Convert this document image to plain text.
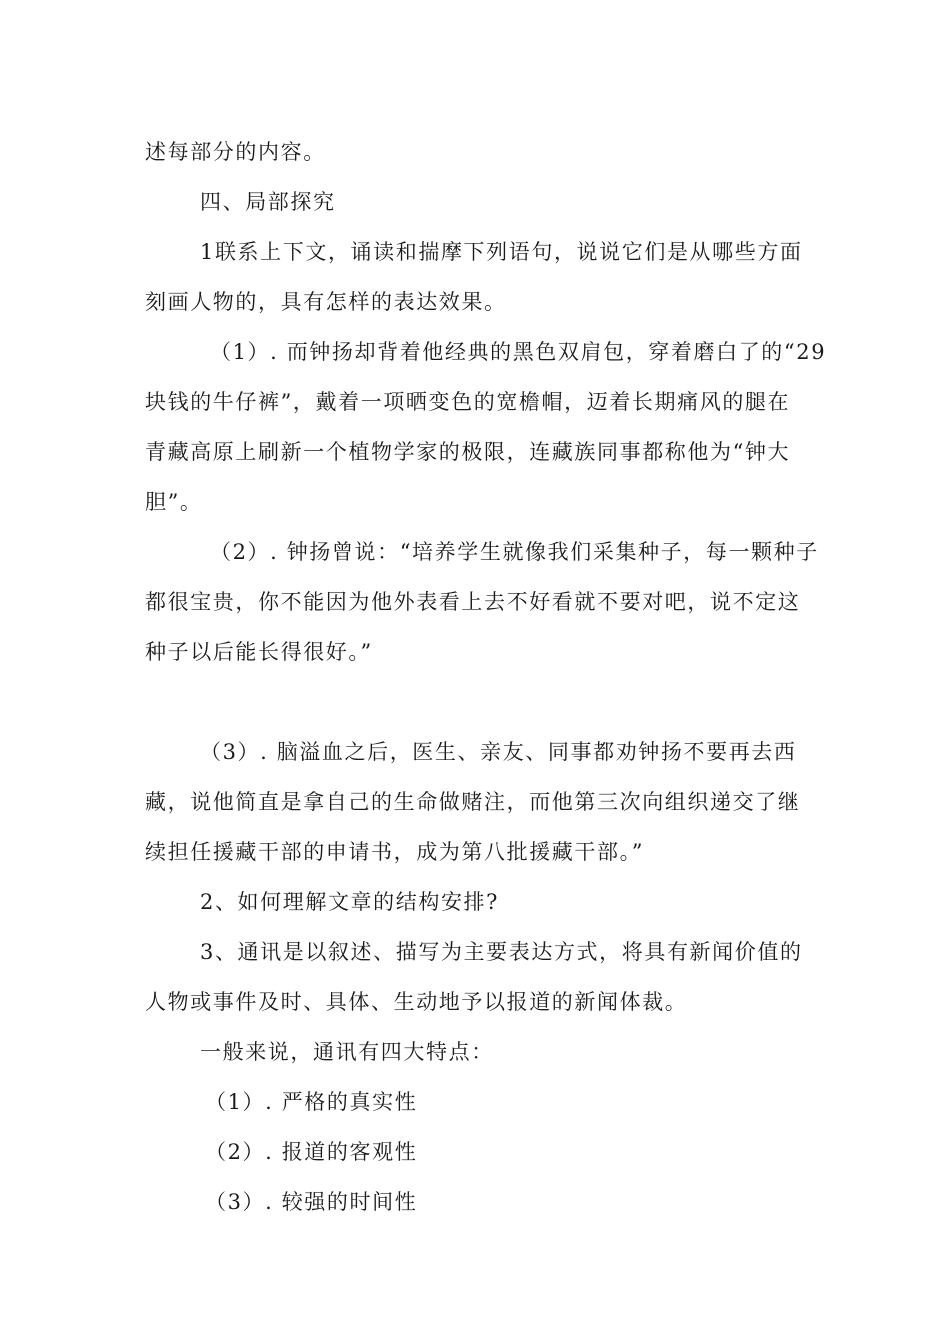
述每部分的内容。
四、局部探究
1联系上下文，诵读和揣摩下列语句，说说它们是从哪些方面
刻画人物的，具有怎样的表达效果。
（1）. 而钟扬却背着他经典的黑色双肩包，穿着磨白了的“29
块钱的牛仔裤”，戴着一项晒变色的宽檐帽，迈着长期痛风的腿在
青藏高原上刷新一个植物学家的极限，连藏族同事都称他为“钟大
胆”。
（2）. 钟扬曾说：“培养学生就像我们采集种子，每一颗种子
都很宝贵，你不能因为他外表看上去不好看就不要对吧，说不定这
种子以后能长得很好。”
（3）. 脑溢血之后，医生、亲友、同事都劝钟扬不要再去西
藏，说他简直是拿自己的生命做赌注，而他第三次向组织递交了继
续担任援藏干部的申请书，成为第八批援藏干部。”
2、如何理解文章的结构安排?
3、通讯是以叙述、描写为主要表达方式，将具有新闻价值的
人物或事件及时、具体、生动地予以报道的新闻体裁。
一般来说，通讯有四大特点：
（1）. 严格的真实性
（2）. 报道的客观性
（3）. 较强的时间性
